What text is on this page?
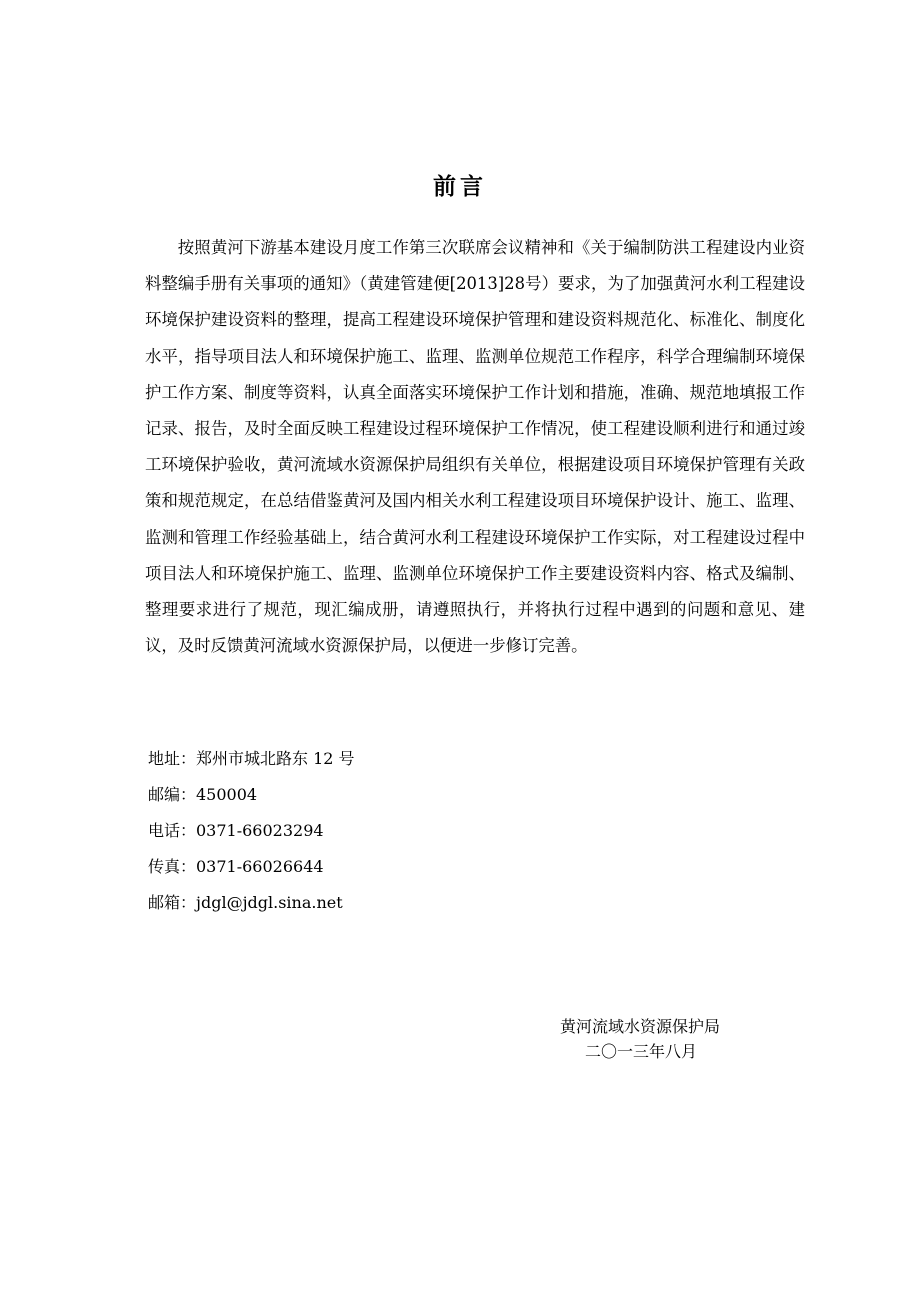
前言

按照黄河下游基本建设月度工作第三次联席会议精神和《关于编制防洪工程建设内业资料整编手册有关事项的通知》（黄建管建便[2013]28号）要求，为了加强黄河水利工程建设环境保护建设资料的整理，提高工程建设环境保护管理和建设资料规范化、标准化、制度化水平，指导项目法人和环境保护施工、监理、监测单位规范工作程序，科学合理编制环境保护工作方案、制度等资料，认真全面落实环境保护工作计划和措施，准确、规范地填报工作记录、报告，及时全面反映工程建设过程环境保护工作情况，使工程建设顺利进行和通过竣工环境保护验收，黄河流域水资源保护局组织有关单位，根据建设项目环境保护管理有关政策和规范规定，在总结借鉴黄河及国内相关水利工程建设项目环境保护设计、施工、监理、监测和管理工作经验基础上，结合黄河水利工程建设环境保护工作实际，对工程建设过程中项目法人和环境保护施工、监理、监测单位环境保护工作主要建设资料内容、格式及编制、整理要求进行了规范，现汇编成册，请遵照执行，并将执行过程中遇到的问题和意见、建议，及时反馈黄河流域水资源保护局，以便进一步修订完善。

地址：郑州市城北路东 12 号
邮编：450004
电话：0371-66023294
传真：0371-66026644
邮箱：jdgl@jdgl.sina.net
黄河流域水资源保护局
二〇一三年八月
